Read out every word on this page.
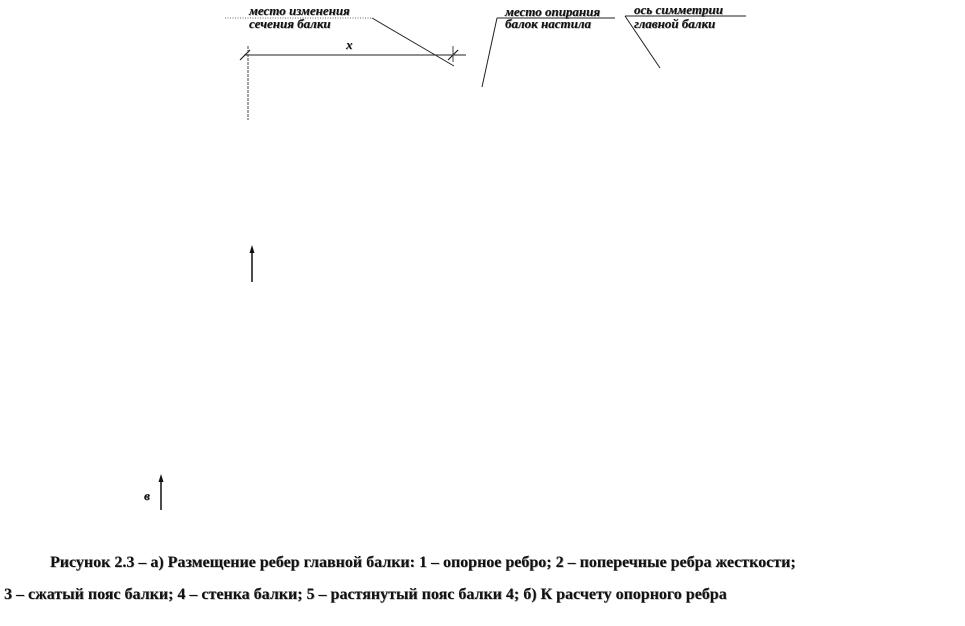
место изменения
сечения балки
место опирания
балок настила
ось симметрии
главной балки
x
в
Рисунок 2.3 – а) Размещение ребер главной балки: 1 – опорное ребро; 2 – поперечные ребра жесткости;
3 – сжатый пояс балки; 4 – стенка балки; 5 – растянутый пояс балки 4; б) К расчету опорного ребра
